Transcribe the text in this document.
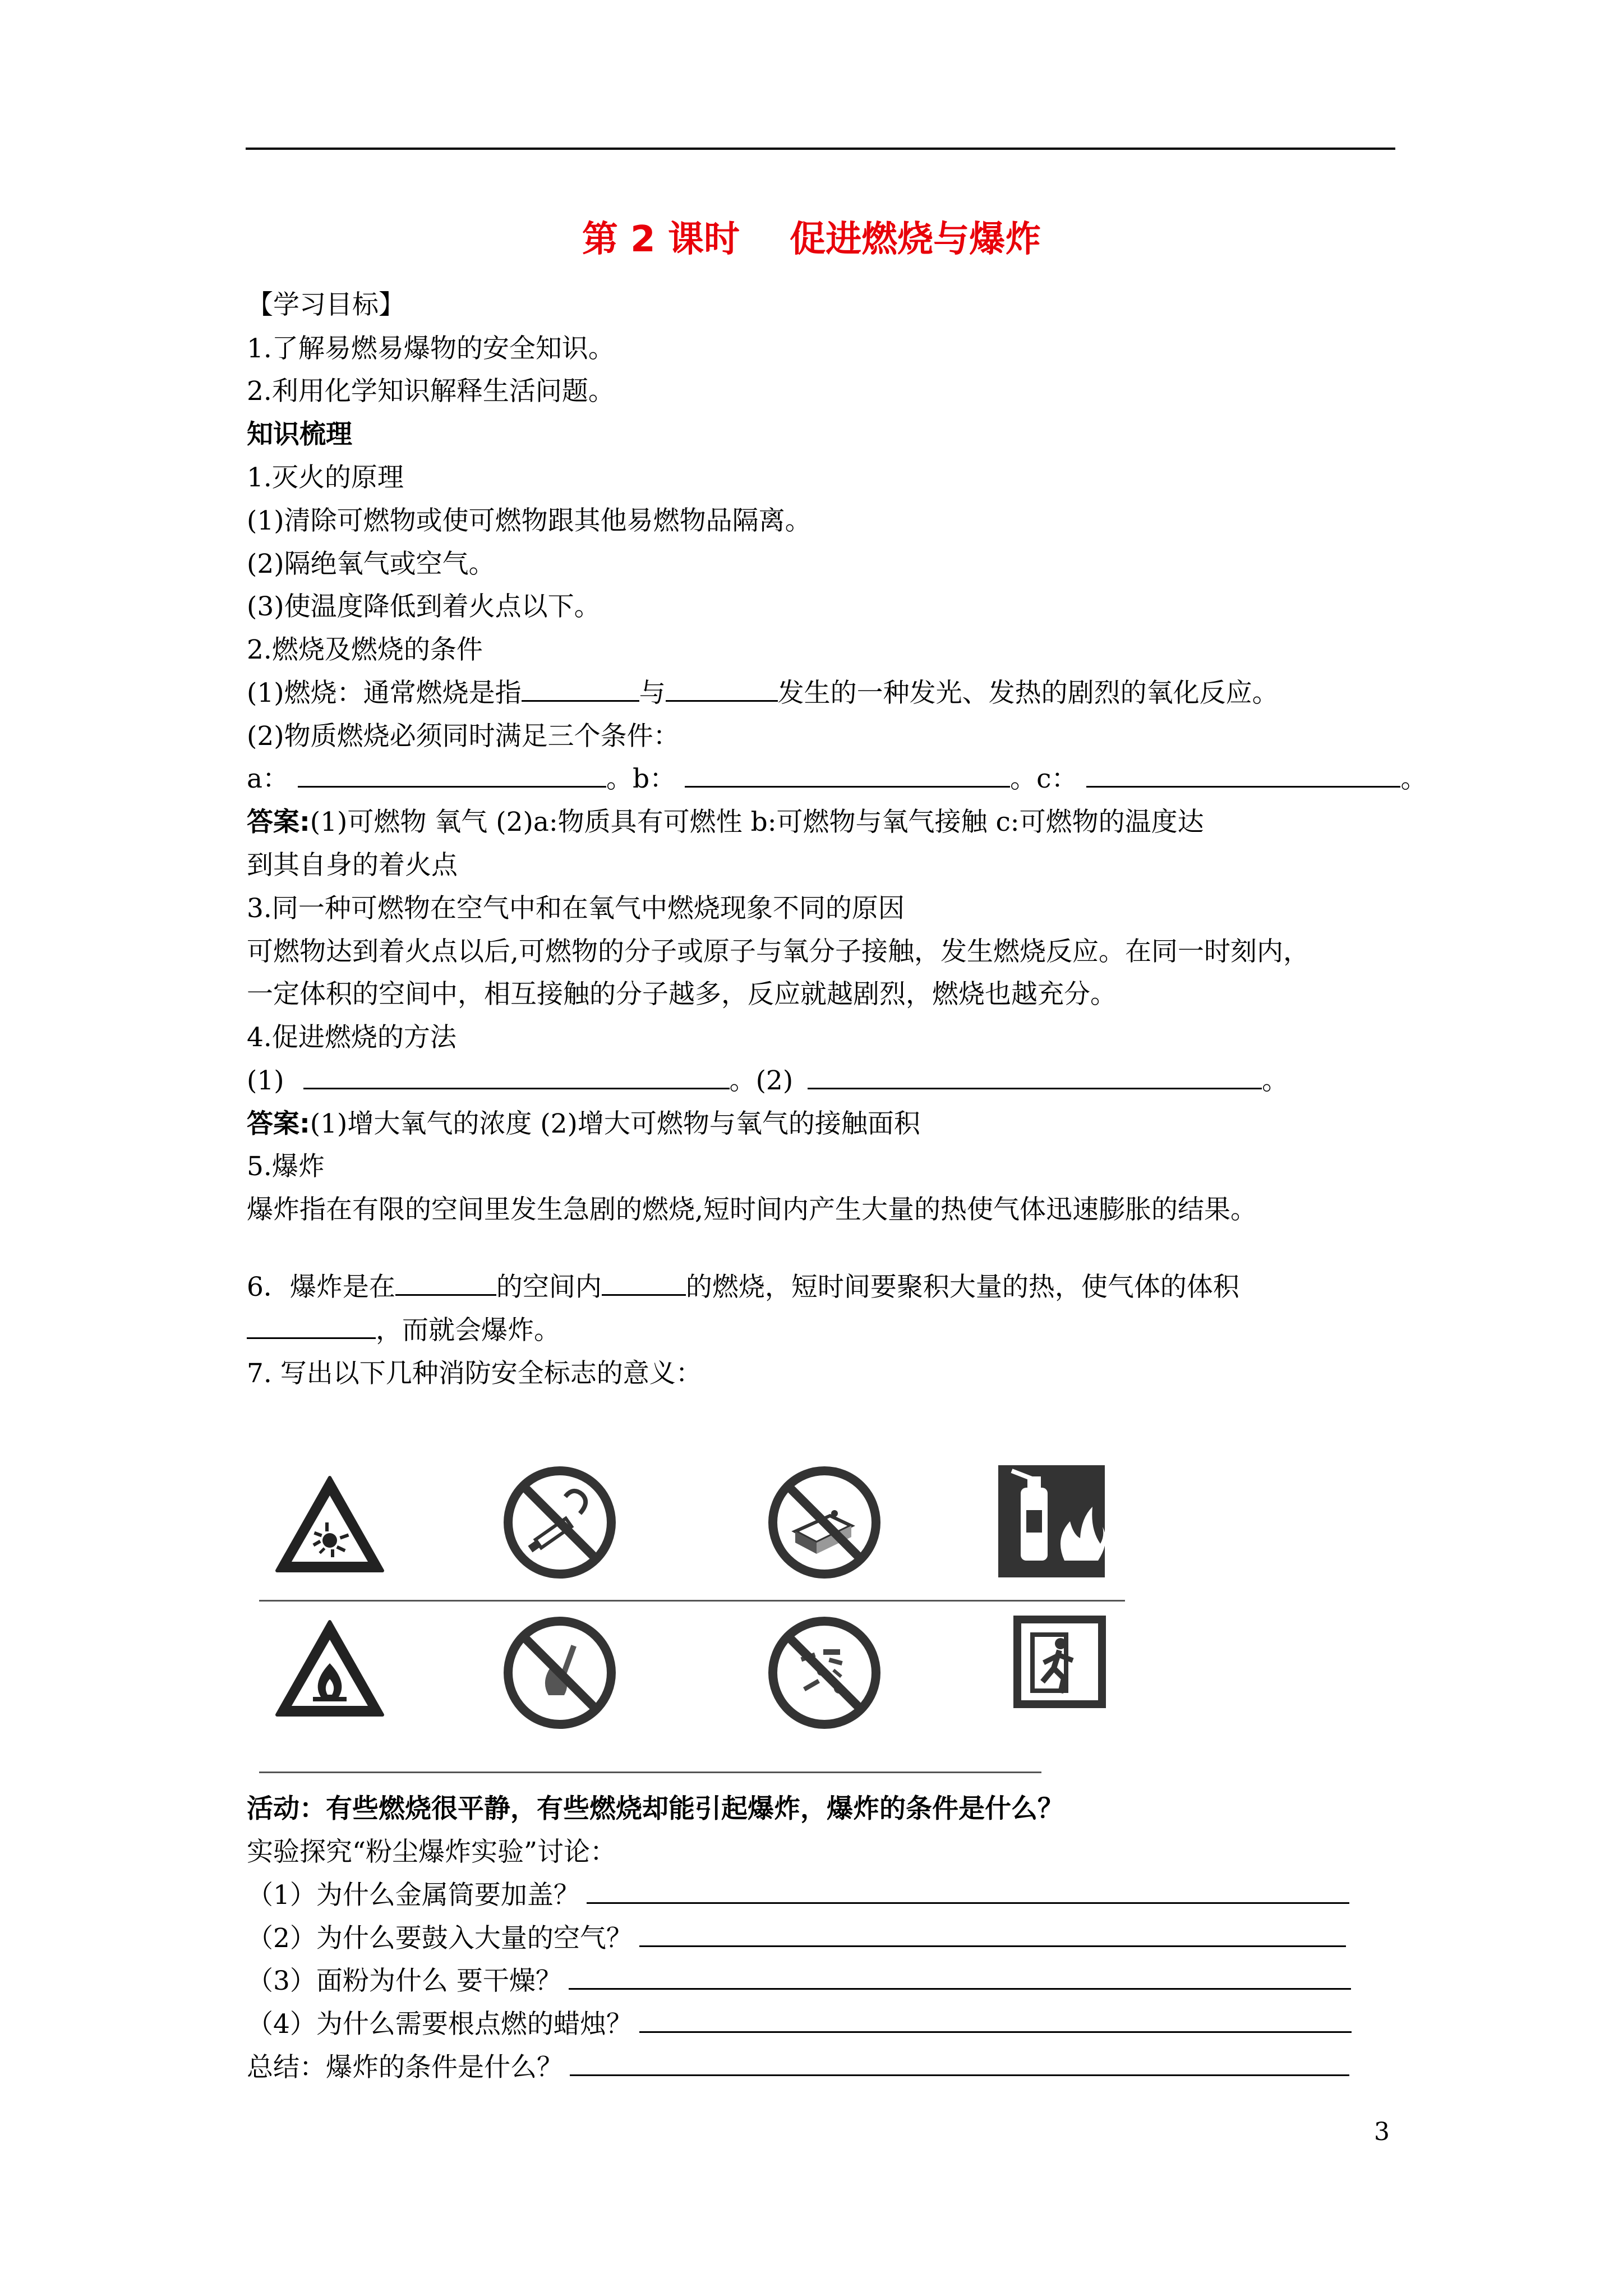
第 2 课时    促进燃烧与爆炸
【学习目标】
1.了解易燃易爆物的安全知识。
2.利用化学知识解释生活问题。
知识梳理
1.灭火的原理
(1)清除可燃物或使可燃物跟其他易燃物品隔离。
(2)隔绝氧气或空气。
(3)使温度降低到着火点以下。
2.燃烧及燃烧的条件
(1)燃烧：通常燃烧是指	与	发生的一种发光、发热的剧烈的氧化反应。
(2)物质燃烧必须同时满足三个条件：
a：	。b：	。c：	。
答案:(1)可燃物 氧气 (2)a:物质具有可燃性 b:可燃物与氧气接触 c:可燃物的温度达
到其自身的着火点
3.同一种可燃物在空气中和在氧气中燃烧现象不同的原因
可燃物达到着火点以后,可燃物的分子或原子与氧分子接触，发生燃烧反应。在同一时刻内，
一定体积的空间中，相互接触的分子越多，反应就越剧烈，燃烧也越充分。
4.促进燃烧的方法
(1)	。(2)	。
答案:(1)增大氧气的浓度 (2)增大可燃物与氧气的接触面积
5.爆炸
爆炸指在有限的空间里发生急剧的燃烧,短时间内产生大量的热使气体迅速膨胀的结果。
6．爆炸是在	的空间内	的燃烧，短时间要聚积大量的热，使气体的体积
，而就会爆炸。
7. 写出以下几种消防安全标志的意义：
活动：有些燃烧很平静，有些燃烧却能引起爆炸，爆炸的条件是什么？
实验探究“粉尘爆炸实验”讨论：
（1）为什么金属筒要加盖？
（2）为什么要鼓入大量的空气？
（3）面粉为什么 要干燥？
（4）为什么需要根点燃的蜡烛？
总结：爆炸的条件是什么？
3
